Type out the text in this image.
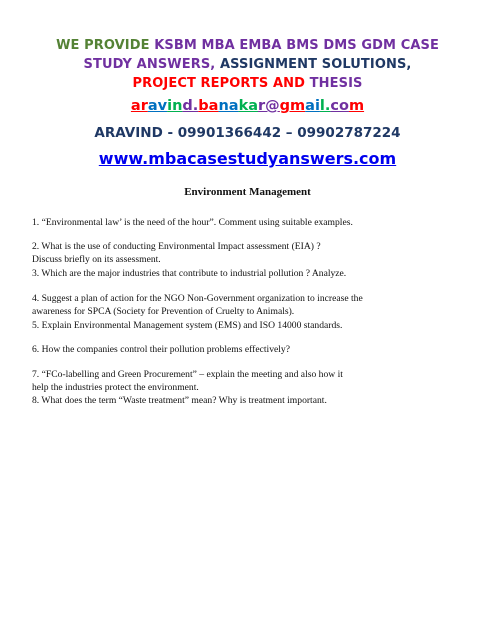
WE PROVIDE KSBM MBA EMBA BMS DMS GDM CASE
STUDY ANSWERS, ASSIGNMENT SOLUTIONS,
PROJECT REPORTS AND THESIS
aravind.banakar@gmail.com
ARAVIND - 09901366442 – 09902787224
www.mbacasestudyanswers.com
Environment Management
1. “Environmental law’ is the need of the hour”. Comment using suitable examples.
2. What is the use of conducting Environmental Impact assessment (EIA) ?
Discuss briefly on its assessment.
3. Which are the major industries that contribute to industrial pollution ? Analyze.
4. Suggest a plan of action for the NGO Non-Government organization to increase the
awareness for SPCA (Society for Prevention of Cruelty to Animals).
5. Explain Environmental Management system (EMS) and ISO 14000 standards.
6. How the companies control their pollution problems effectively?
7. “FCo-labelling and Green Procurement” – explain the meeting and also how it
help the industries protect the environment.
8. What does the term “Waste treatment” mean? Why is treatment important.
